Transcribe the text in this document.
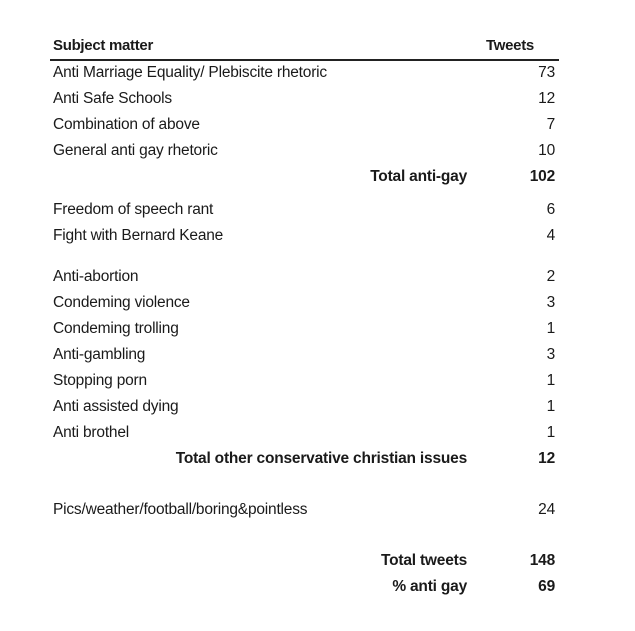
Subject matter	Tweets
Anti Marriage Equality/ Plebiscite rhetoric	73
Anti Safe Schools	12
Combination of above	7
General anti gay rhetoric	10
Total anti-gay	102
Freedom of speech rant	6
Fight with Bernard Keane	4
Anti-abortion	2
Condeming violence	3
Condeming trolling	1
Anti-gambling	3
Stopping porn	1
Anti assisted dying	1
Anti brothel	1
Total other conservative christian issues	12
Pics/weather/football/boring&pointless	24
Total tweets	148
% anti gay	69
